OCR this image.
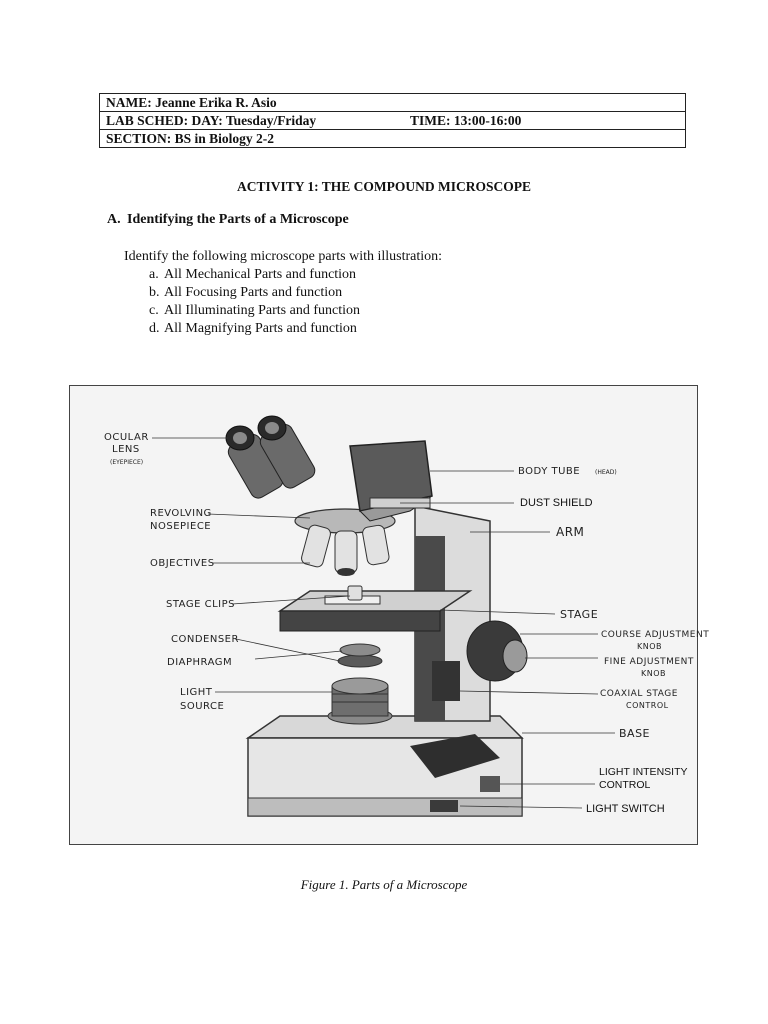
NAME: Jeanne Erika R. Asio
LAB SCHED: DAY: Tuesday/Friday	TIME: 13:00-16:00

SECTION: BS in Biology 2-2
ACTIVITY 1: THE COMPOUND MICROSCOPE
A. Identifying the Parts of a Microscope
Identify the following microscope parts with illustration:
a. All Mechanical Parts and function
b. All Focusing Parts and function
c. All Illuminating Parts and function
d. All Magnifying Parts and function
OCULAR
LENS
(EYEPIECE)
REVOLVING
NOSEPIECE
OBJECTIVES
STAGE CLIPS
CONDENSER
DIAPHRAGM
LIGHT
SOURCE
BODY TUBE (HEAD)
DUST SHIELD
ARM
STAGE
COURSE ADJUSTMENT
KNOB
FINE ADJUSTMENT
KNOB
COAXIAL STAGE
CONTROL
BASE
LIGHT INTENSITY
CONTROL
LIGHT SWITCH
Figure 1. Parts of a Microscope
